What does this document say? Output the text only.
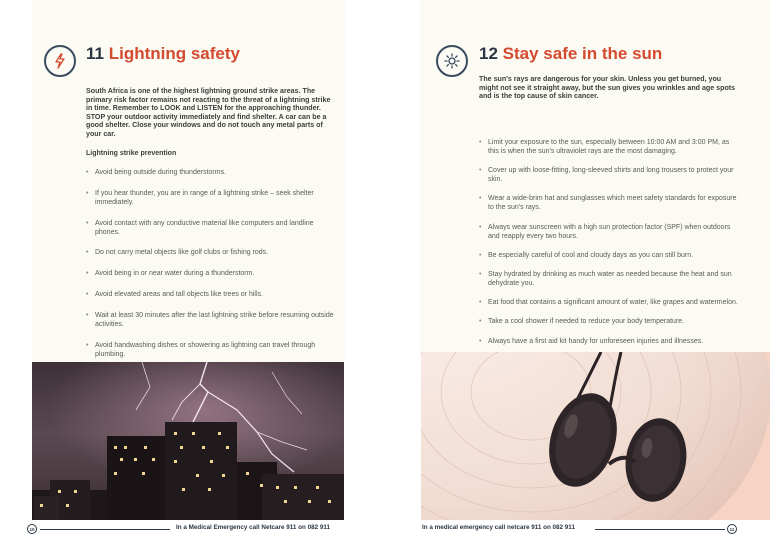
11 Lightning safety
South Africa is one of the highest lightning ground strike areas. The primary risk factor remains not reacting to the threat of a lightning strike in time. Remember to LOOK and LISTEN for the approaching thunder. STOP your outdoor activity immediately and find shelter. A car can be a good shelter. Close your windows and do not touch any metal parts of your car.
Lightning strike prevention
• Avoid being outside during thunderstorms.
• If you hear thunder, you are in range of a lightning strike – seek shelter immediately.
• Avoid contact with any conductive material like computers and landline phones.
• Do not carry metal objects like golf clubs or fishing rods.
• Avoid being in or near water during a thunderstorm.
• Avoid elevated areas and tall objects like trees or hills.
• Wait at least 30 minutes after the last lightning strike before resuming outside activities.
• Avoid handwashing dishes or showering as lightning can travel through plumbing.
10	In a Medical Emergency call Netcare 911 on 082 911
12 Stay safe in the sun
The sun's rays are dangerous for your skin. Unless you get burned, you might not see it straight away, but the sun gives you wrinkles and age spots and is the top cause of skin cancer.
• Limit your exposure to the sun, especially between 10:00 AM and 3:00 PM, as this is when the sun's ultraviolet rays are the most damaging.
• Cover up with loose-fitting, long-sleeved shirts and long trousers to protect your skin.
• Wear a wide-brim hat and sunglasses which meet safety standards for exposure to the sun's rays.
• Always wear sunscreen with a high sun protection factor (SPF) when outdoors and reapply every two hours.
• Be especially careful of cool and cloudy days as you can still burn.
• Stay hydrated by drinking as much water as needed because the heat and sun dehydrate you.
• Eat food that contains a significant amount of water, like grapes and watermelon.
• Take a cool shower if needed to reduce your body temperature.
• Always have a first aid kit handy for unforeseen injuries and illnesses.
11
In a medical emergency call netcare 911 on 082 911
